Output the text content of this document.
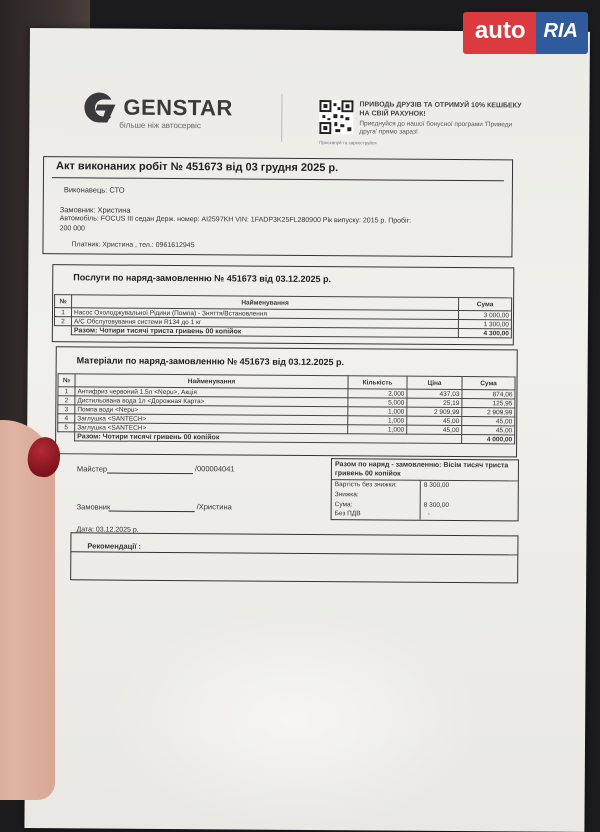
GENSTAR
більше ніж автосервіс
ПРИВОДЬ ДРУЗІВ ТА ОТРИМУЙ 10% КЕШБЕКУ НА СВІЙ РАХУНОК!
Приєднуйся до нашої бонусної програми 'Приведи друга' прямо зараз!
Проскануй та зареєструйся
Акт виконаних робіт № 451673 від 03 грудня 2025 р.
Виконавець: СТО
Замовник: Христина
Автомобіль: FOCUS III седан Держ. номер: AI2597KH VIN: 1FADP3K25FL280900 Рік випуску: 2015 р. Пробіг:
200 000
Платник: Христина , тел.: 0961612945
Послуги по наряд-замовленню № 451673 від 03.12.2025 р.
№	Найменування	Сума
1	Насос Охолоджувальної Рідини (Помпа) - Зняття/Встановлення	3 000,00
2	A/C Обслуговування системи R134 до 1 кг	1 300,00
	Разом: Чотири тисячі триста гривень 00 копійок	4 300,00
Матеріали по наряд-замовленню № 451673 від 03.12.2025 р.
№	Найменування	Кількість	Ціна	Сума
1	Антифриз червоний 1.5л <Nерu>, Акція	2,000	437,03	874,06
2	Дистильована вода 1л <Дорожная Карта>	5,000	25,19	125,95
3	Помпа води <Nерu>	1,000	2 909,99	2 909,99
4	Заглушка <SANTECH>	1,000	45,00	45,00
5	Заглушка <SANTECH>	1,000	45,00	45,00
	Разом: Чотири тисячі гривень 00 копійок			4 000,00
Майстер	/000004041
Замовник	/Христина
Дата: 03.12.2025 р.
Разом по наряд - замовленню: Вісім тисяч триста гривень 00 копійок
Вартість без знижки:	8 300,00
Знижка:
Сума:	8 300,00
Без ПДВ	-
Рекомендації :
auto RIA
